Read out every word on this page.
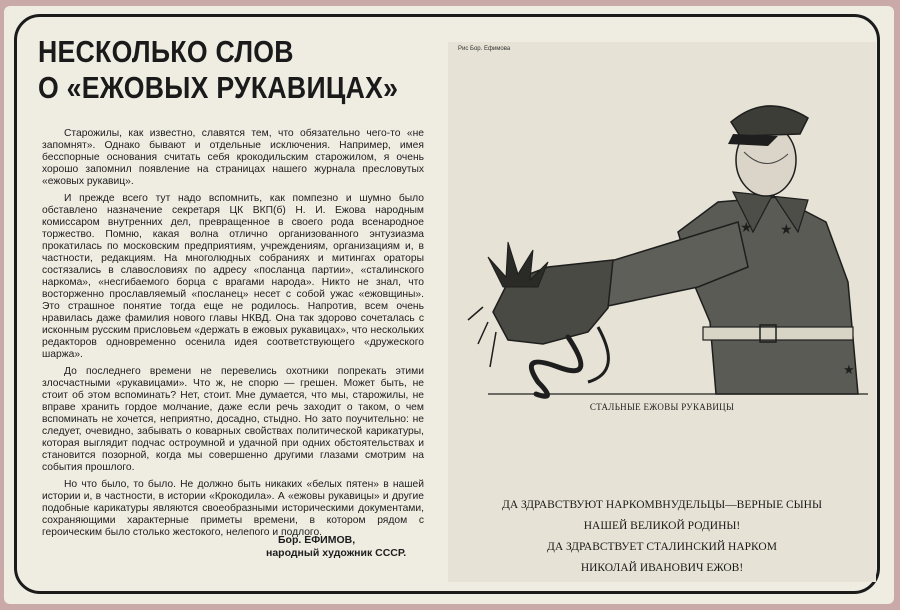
НЕСКОЛЬКО СЛОВ
О «ЕЖОВЫХ РУКАВИЦАХ»

Старожилы, как известно, славятся тем, что обязательно чего-то «не запомнят». Однако бывают и отдельные исключения. Например, имея бесспорные основания считать себя крокодильским старожилом, я очень хорошо запомнил появление на страницах нашего журнала пресловутых «ежовых рукавиц».

И прежде всего тут надо вспомнить, как помпезно и шумно было обставлено назначение секретаря ЦК ВКП(б) Н. И. Ежова народным комиссаром внутренних дел, превращенное в своего рода всенародное торжество. Помню, какая волна отлично организованного энтузиазма прокатилась по московским предприятиям, учреждениям, организациям и, в частности, редакциям. На многолюдных собраниях и митингах ораторы состязались в славословиях по адресу «посланца партии», «сталинского наркома», «несгибаемого борца с врагами народа». Никто не знал, что восторженно прославляемый «посланец» несет с собой ужас «ежовщины». Это страшное понятие тогда еще не родилось. Напротив, всем очень нравилась даже фамилия нового главы НКВД. Она так здорово сочеталась с исконным русским присловьем «держать в ежовых рукавицах», что нескольких редакторов одновременно осенила идея соответствующего «дружеского шаржа».

До последнего времени не перевелись охотники попрекать этими злосчастными «рукавицами». Что ж, не спорю — грешен. Может быть, не стоит об этом вспоминать? Нет, стоит. Мне думается, что мы, старожилы, не вправе хранить гордое молчание, даже если речь заходит о таком, о чем вспоминать не хочется, неприятно, досадно, стыдно. Но зато поучительно: не следует, очевидно, забывать о коварных свойствах политической карикатуры, которая выглядит подчас остроумной и удачной при одних обстоятельствах и становится позорной, когда мы совершенно другими глазами смотрим на события прошлого.

Но что было, то было. Не должно быть никаких «белых пятен» в нашей истории и, в частности, в истории «Крокодила». А «ежовы рукавицы» и другие подобные карикатуры являются своеобразными историческими документами, сохраняющими характерные приметы времени, в котором рядом с героическим было столько жестокого, нелепого и подлого.

Бор. ЕФИМОВ,
народный художник СССР.
Рис Бор. Ефимова
★ ★
★
СТАЛЬНЫЕ ЕЖОВЫ РУКАВИЦЫ
ДА ЗДРАВСТВУЮТ НАРКОМВНУДЕЛЬЦЫ—ВЕРНЫЕ СЫНЫ
НАШЕЙ ВЕЛИКОЙ РОДИНЫ!
ДА ЗДРАВСТВУЕТ СТАЛИНСКИЙ НАРКОМ
НИКОЛАЙ ИВАНОВИЧ ЕЖОВ!
